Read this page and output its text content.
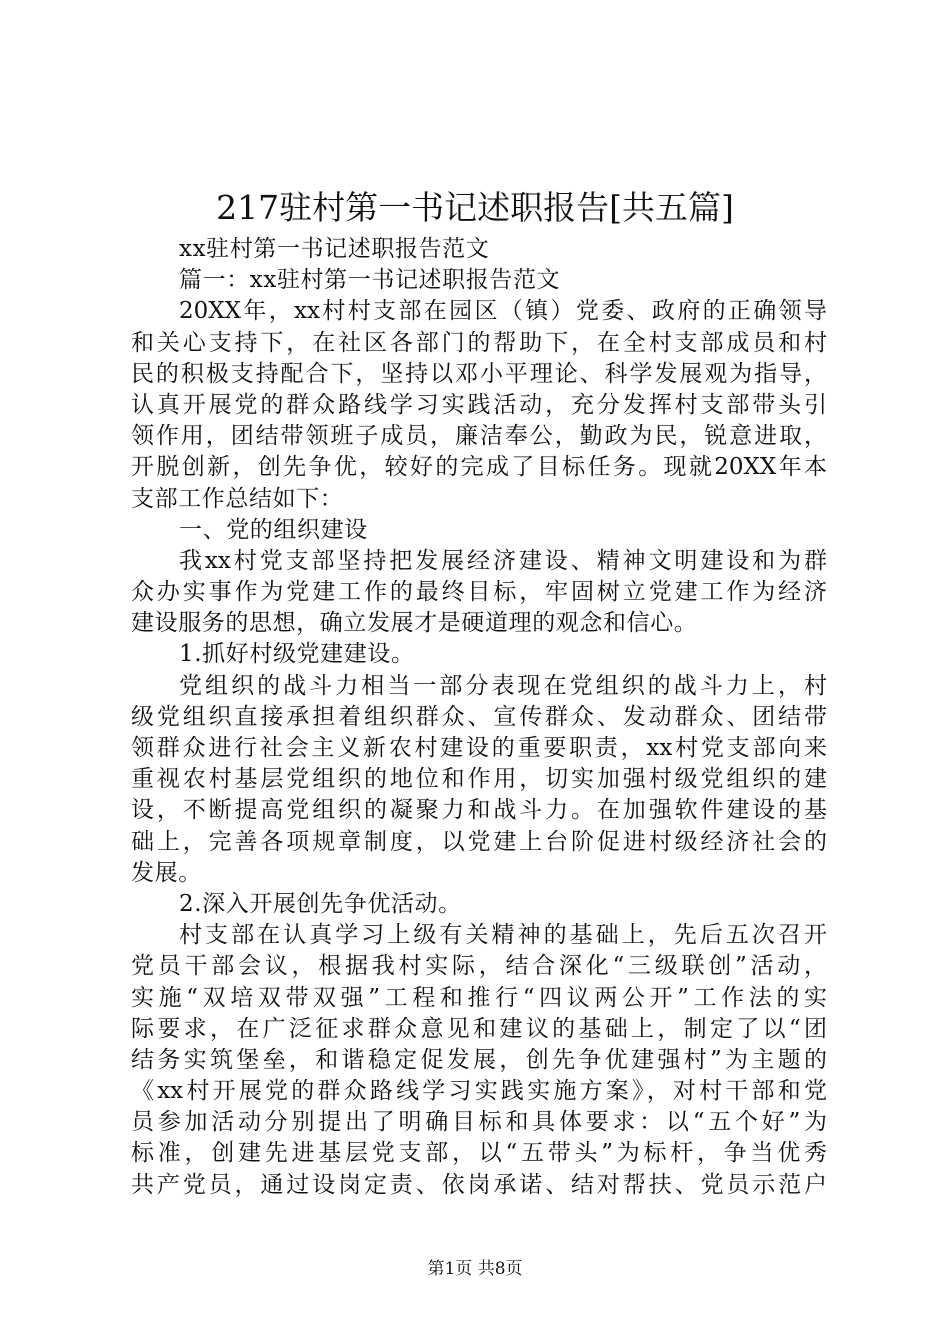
217驻村第一书记述职报告[共五篇]
xx驻村第一书记述职报告范文
篇一：xx驻村第一书记述职报告范文
20XX年，xx村村支部在园区（镇）党委、政府的正确领导
和关心支持下，在社区各部门的帮助下，在全村支部成员和村
民的积极支持配合下，坚持以邓小平理论、科学发展观为指导，
认真开展党的群众路线学习实践活动，充分发挥村支部带头引
领作用，团结带领班子成员，廉洁奉公，勤政为民，锐意进取，
开脱创新，创先争优，较好的完成了目标任务。现就20XX年本
支部工作总结如下：
一、党的组织建设
我xx村党支部坚持把发展经济建设、精神文明建设和为群
众办实事作为党建工作的最终目标，牢固树立党建工作为经济
建设服务的思想，确立发展才是硬道理的观念和信心。
1.抓好村级党建建设。
党组织的战斗力相当一部分表现在党组织的战斗力上，村
级党组织直接承担着组织群众、宣传群众、发动群众、团结带
领群众进行社会主义新农村建设的重要职责，xx村党支部向来
重视农村基层党组织的地位和作用，切实加强村级党组织的建
设，不断提高党组织的凝聚力和战斗力。在加强软件建设的基
础上，完善各项规章制度，以党建上台阶促进村级经济社会的
发展。
2.深入开展创先争优活动。
村支部在认真学习上级有关精神的基础上，先后五次召开
党员干部会议，根据我村实际，结合深化“三级联创”活动，
实施“双培双带双强”工程和推行“四议两公开”工作法的实
际要求，在广泛征求群众意见和建议的基础上，制定了以“团
结务实筑堡垒，和谐稳定促发展，创先争优建强村”为主题的
《xx村开展党的群众路线学习实践实施方案》，对村干部和党
员参加活动分别提出了明确目标和具体要求：以“五个好”为
标准，创建先进基层党支部，以“五带头”为标杆，争当优秀
共产党员，通过设岗定责、依岗承诺、结对帮扶、党员示范户
第1页 共8页
